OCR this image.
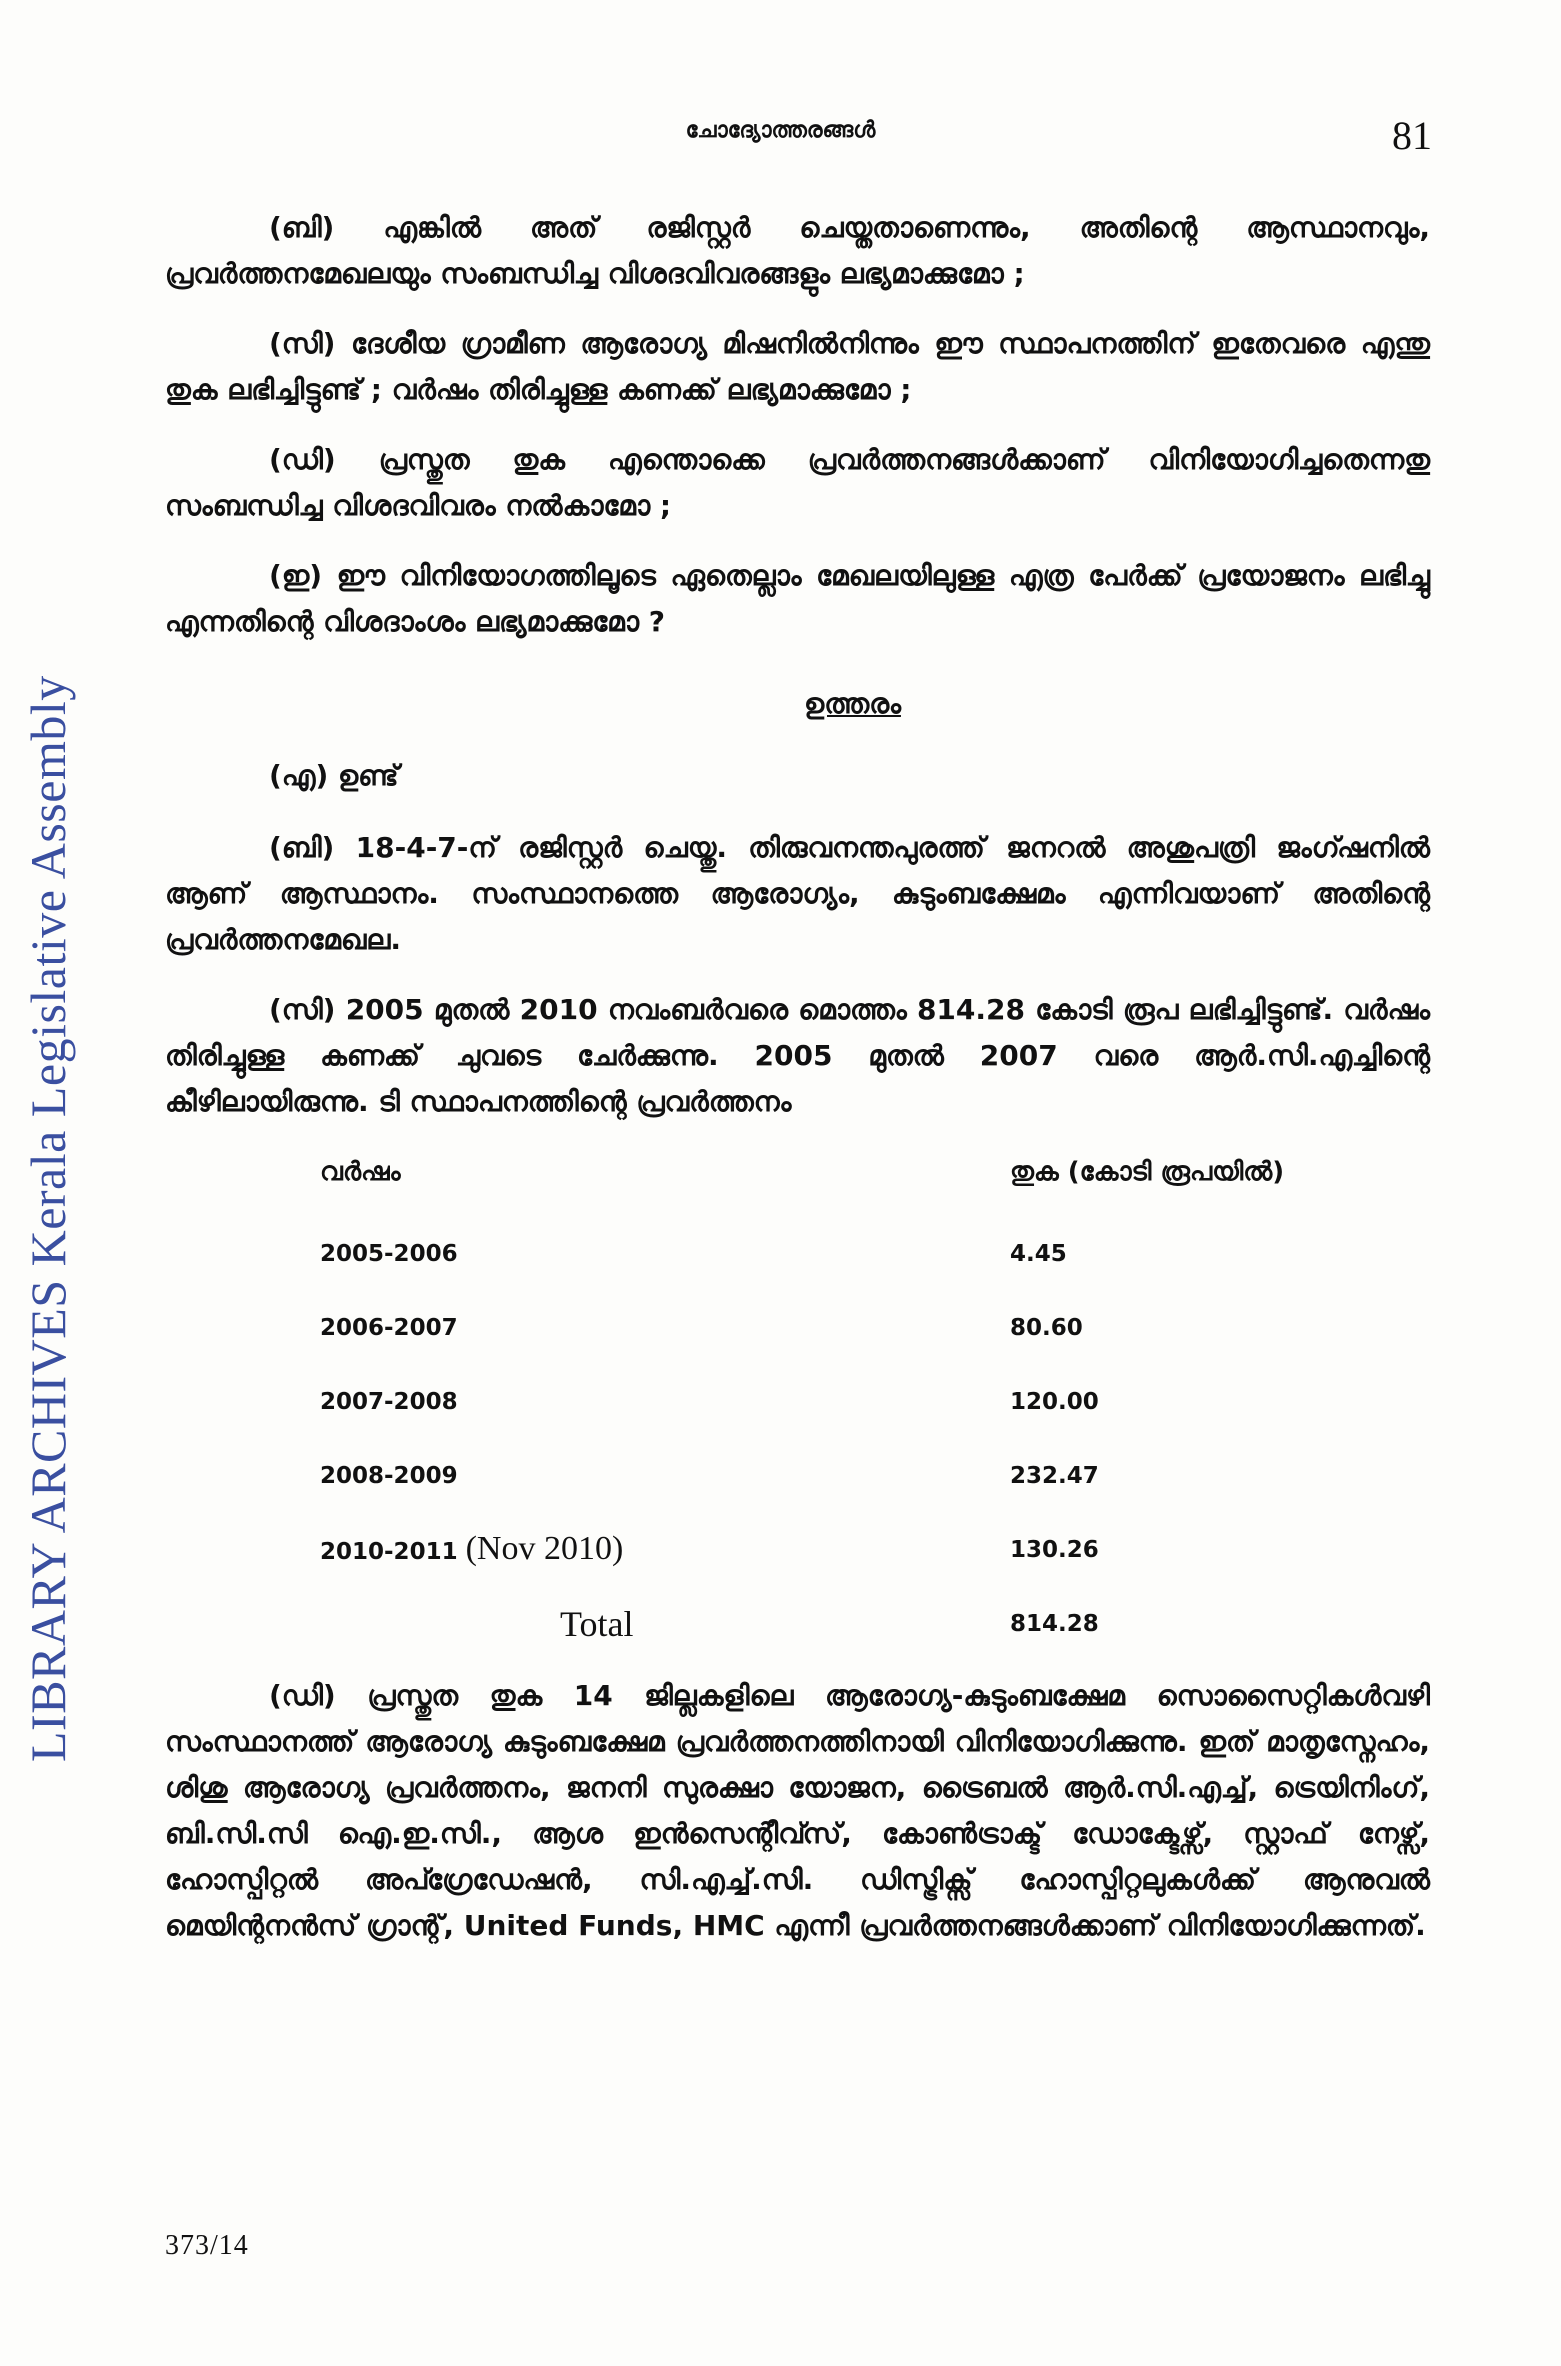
LIBRARY ARCHIVES Kerala Legislative Assembly
ചോദ്യോത്തരങ്ങൾ	81

(ബി) എങ്കിൽ അത് രജിസ്റ്റർ ചെയ്തതാണെന്നും, അതിന്റെ ആസ്ഥാനവും, പ്രവർത്തനമേഖലയും സംബന്ധിച്ച വിശദവിവരങ്ങളും ലഭ്യമാക്കുമോ ;

(സി) ദേശീയ ഗ്രാമീണ ആരോഗ്യ മിഷനിൽനിന്നും ഈ സ്ഥാപനത്തിന് ഇതേവരെ എന്തു തുക ലഭിച്ചിട്ടുണ്ട് ; വർഷം തിരിച്ചുള്ള കണക്ക് ലഭ്യമാക്കുമോ ;

(ഡി) പ്രസ്തുത തുക എന്തൊക്കെ പ്രവർത്തനങ്ങൾക്കാണ് വിനിയോഗിച്ചതെന്നതു സംബന്ധിച്ച വിശദവിവരം നൽകാമോ ;

(ഇ) ഈ വിനിയോഗത്തിലൂടെ ഏതെല്ലാം മേഖലയിലുള്ള എത്ര പേർക്ക് പ്രയോജനം ലഭിച്ചു എന്നതിന്റെ വിശദാംശം ലഭ്യമാക്കുമോ ?

ഉത്തരം

(എ) ഉണ്ട്

(ബി) 18-4-7-ന് രജിസ്റ്റർ ചെയ്തു. തിരുവനന്തപുരത്ത് ജനറൽ അശുപത്രി ജംഗ്ഷനിൽ ആണ് ആസ്ഥാനം. സംസ്ഥാനത്തെ ആരോഗ്യം, കുടുംബക്ഷേമം എന്നിവയാണ് അതിന്റെ പ്രവർത്തനമേഖല.

(സി) 2005 മുതൽ 2010 നവംബർവരെ മൊത്തം 814.28 കോടി രൂപ ലഭിച്ചിട്ടുണ്ട്. വർഷം തിരിച്ചുള്ള കണക്ക് ചുവടെ ചേർക്കുന്നു. 2005 മുതൽ 2007 വരെ ആർ.സി.എച്ചിന്റെ കീഴിലായിരുന്നു. ടി സ്ഥാപനത്തിന്റെ പ്രവർത്തനം

വർഷം	തുക (കോടി രൂപയിൽ)
2005-2006	4.45
2006-2007	80.60
2007-2008	120.00
2008-2009	232.47
2010-2011 (Nov 2010)	130.26
Total	814.28

(ഡി) പ്രസ്തുത തുക 14 ജില്ലകളിലെ ആരോഗ്യ-കുടുംബക്ഷേമ സൊസൈറ്റികൾവഴി സംസ്ഥാനത്ത് ആരോഗ്യ കുടുംബക്ഷേമ പ്രവർത്തനത്തിനായി വിനിയോഗിക്കുന്നു. ഇത് മാതൃസ്നേഹം, ശിശു ആരോഗ്യ പ്രവർത്തനം, ജനനി സുരക്ഷാ യോജന, ട്രൈബൽ ആർ.സി.എച്ച്, ട്രെയിനിംഗ്, ബി.സി.സി ഐ.ഇ.സി., ആശ ഇൻസെന്റീവ്സ്, കോൺട്രാക്ട് ഡോക്ടേഴ്സ്, സ്റ്റാഫ് നേഴ്സ്, ഹോസ്പിറ്റൽ അപ്ഗ്രേഡേഷൻ, സി.എച്ച്.സി. ഡിസ്ട്രിക്സ് ഹോസ്പിറ്റലുകൾക്ക് ആനുവൽ മെയിന്റനൻസ് ഗ്രാന്റ്, United Funds, HMC എന്നീ പ്രവർത്തനങ്ങൾക്കാണ് വിനിയോഗിക്കുന്നത്.

373/14
